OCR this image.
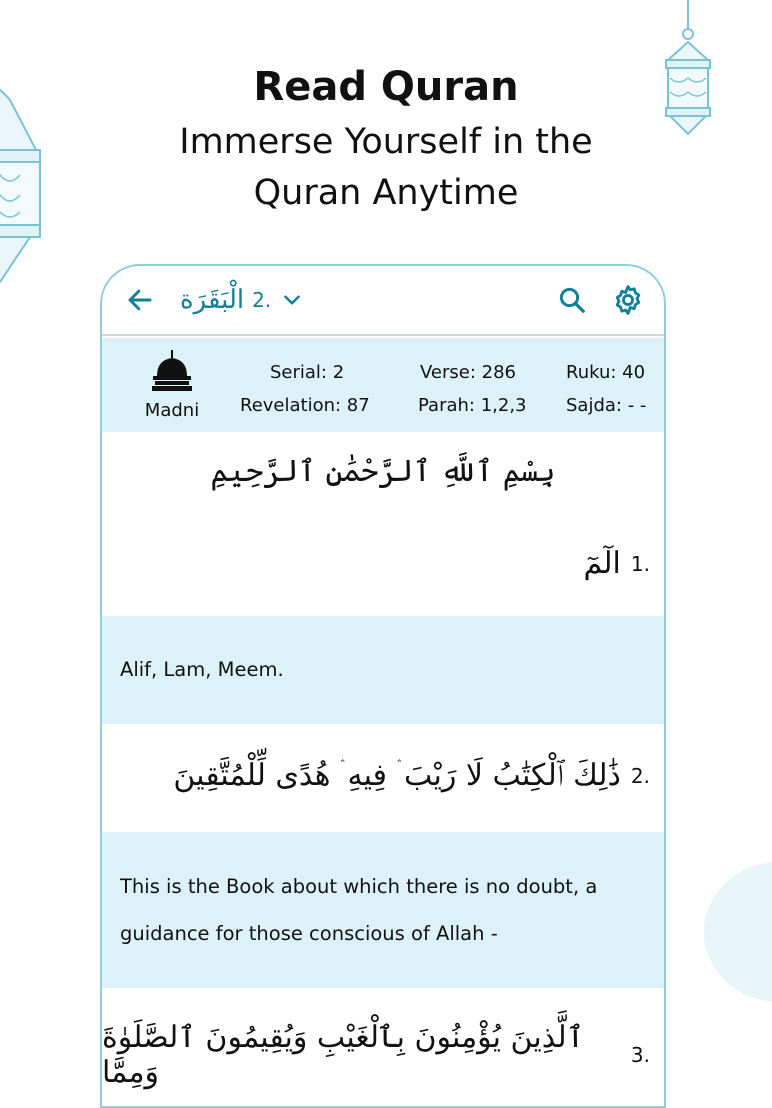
Read Quran
Immerse Yourself in the
Quran Anytime
الْبَقَرَة 2.
Madni
Serial: 2
Revelation: 87
Verse: 286
Parah: 1,2,3
Ruku: 40
Sajda: - -
بِسْمِ ٱللَّهِ ٱلرَّحْمَٰنِ ٱلرَّحِيمِ
الٓمٓ 1.
Alif, Lam, Meem.
ذَٰلِكَ ٱلْكِتَٰبُ لَا رَيْبَ ۛ فِيهِ ۛ هُدًى لِّلْمُتَّقِينَ 2.
This is the Book about which there is no doubt, a
guidance for those conscious of Allah -
ٱلَّذِينَ يُؤْمِنُونَ بِٱلْغَيْبِ وَيُقِيمُونَ ٱلصَّلَوٰةَ وَمِمَّا	3.
